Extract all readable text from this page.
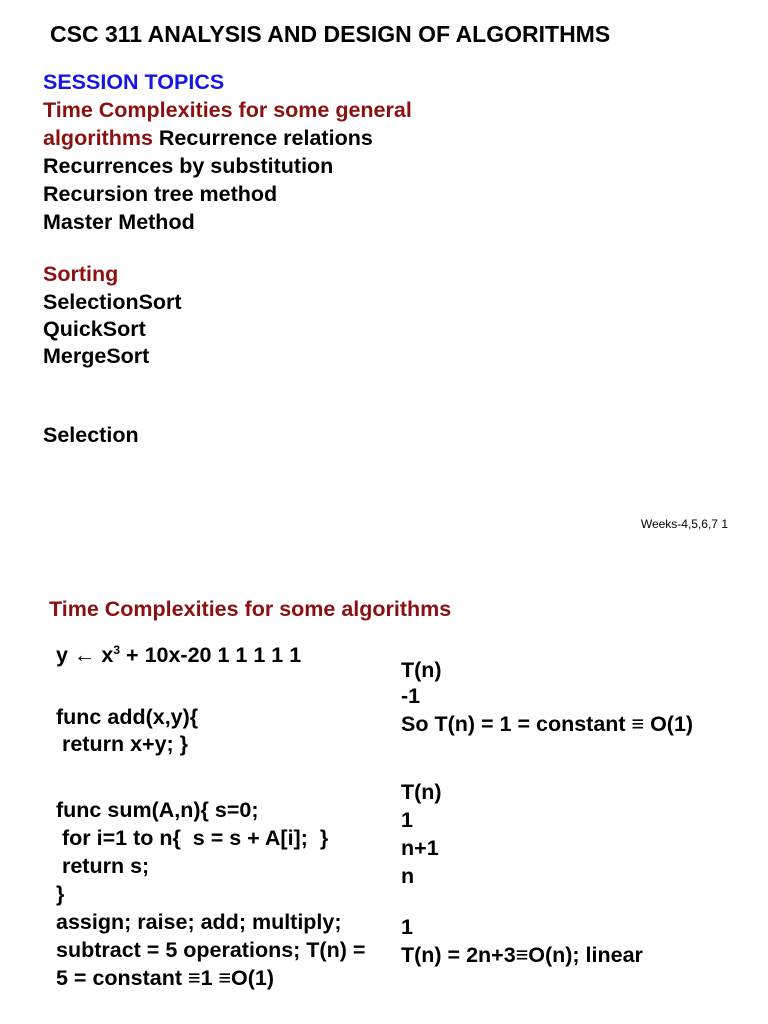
CSC 311 ANALYSIS AND DESIGN OF ALGORITHMS
SESSION TOPICS
Time Complexities for some general
algorithms Recurrence relations
Recurrences by substitution
Recursion tree method
Master Method
Sorting
SelectionSort
QuickSort
MergeSort
Selection
Weeks-4,5,6,7 1
Time Complexities for some algorithms
y ← $x^3 + 10x-20$ 1 1 1 1 1
func add(x,y){
return x+y; }
func sum(A,n){ s=0;
for i=1 to n{  s = s + A[i];  }
return s;
}
assign; raise; add; multiply;
subtract = 5 operations; T(n) =
5 = constant ≡1 ≡O(1)
T(n)
-1
So T(n) = 1 = constant ≡ O(1)
T(n)
1
n+1
n
1
T(n) = 2n+3≡O(n); linear
